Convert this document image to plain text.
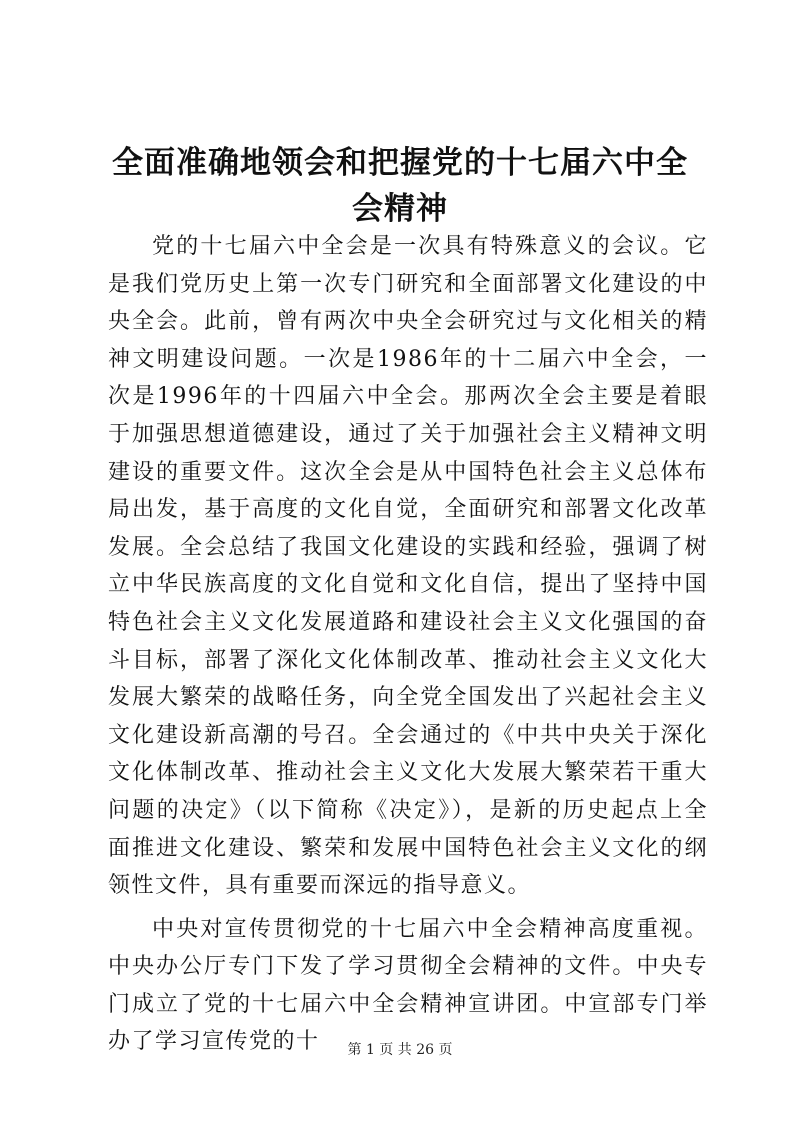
全面准确地领会和把握党的十七届六中全会精神

党的十七届六中全会是一次具有特殊意义的会议。它是我们党历史上第一次专门研究和全面部署文化建设的中央全会。此前，曾有两次中央全会研究过与文化相关的精神文明建设问题。一次是1986年的十二届六中全会，一次是1996年的十四届六中全会。那两次全会主要是着眼于加强思想道德建设，通过了关于加强社会主义精神文明建设的重要文件。这次全会是从中国特色社会主义总体布局出发，基于高度的文化自觉，全面研究和部署文化改革发展。全会总结了我国文化建设的实践和经验，强调了树立中华民族高度的文化自觉和文化自信，提出了坚持中国特色社会主义文化发展道路和建设社会主义文化强国的奋斗目标，部署了深化文化体制改革、推动社会主义文化大发展大繁荣的战略任务，向全党全国发出了兴起社会主义文化建设新高潮的号召。全会通过的《中共中央关于深化文化体制改革、推动社会主义文化大发展大繁荣若干重大问题的决定》（以下简称《决定》），是新的历史起点上全面推进文化建设、繁荣和发展中国特色社会主义文化的纲领性文件，具有重要而深远的指导意义。

中央对宣传贯彻党的十七届六中全会精神高度重视。中央办公厅专门下发了学习贯彻全会精神的文件。中央专门成立了党的十七届六中全会精神宣讲团。中宣部专门举办了学习宣传党的十	第 1 页 共 26 页
